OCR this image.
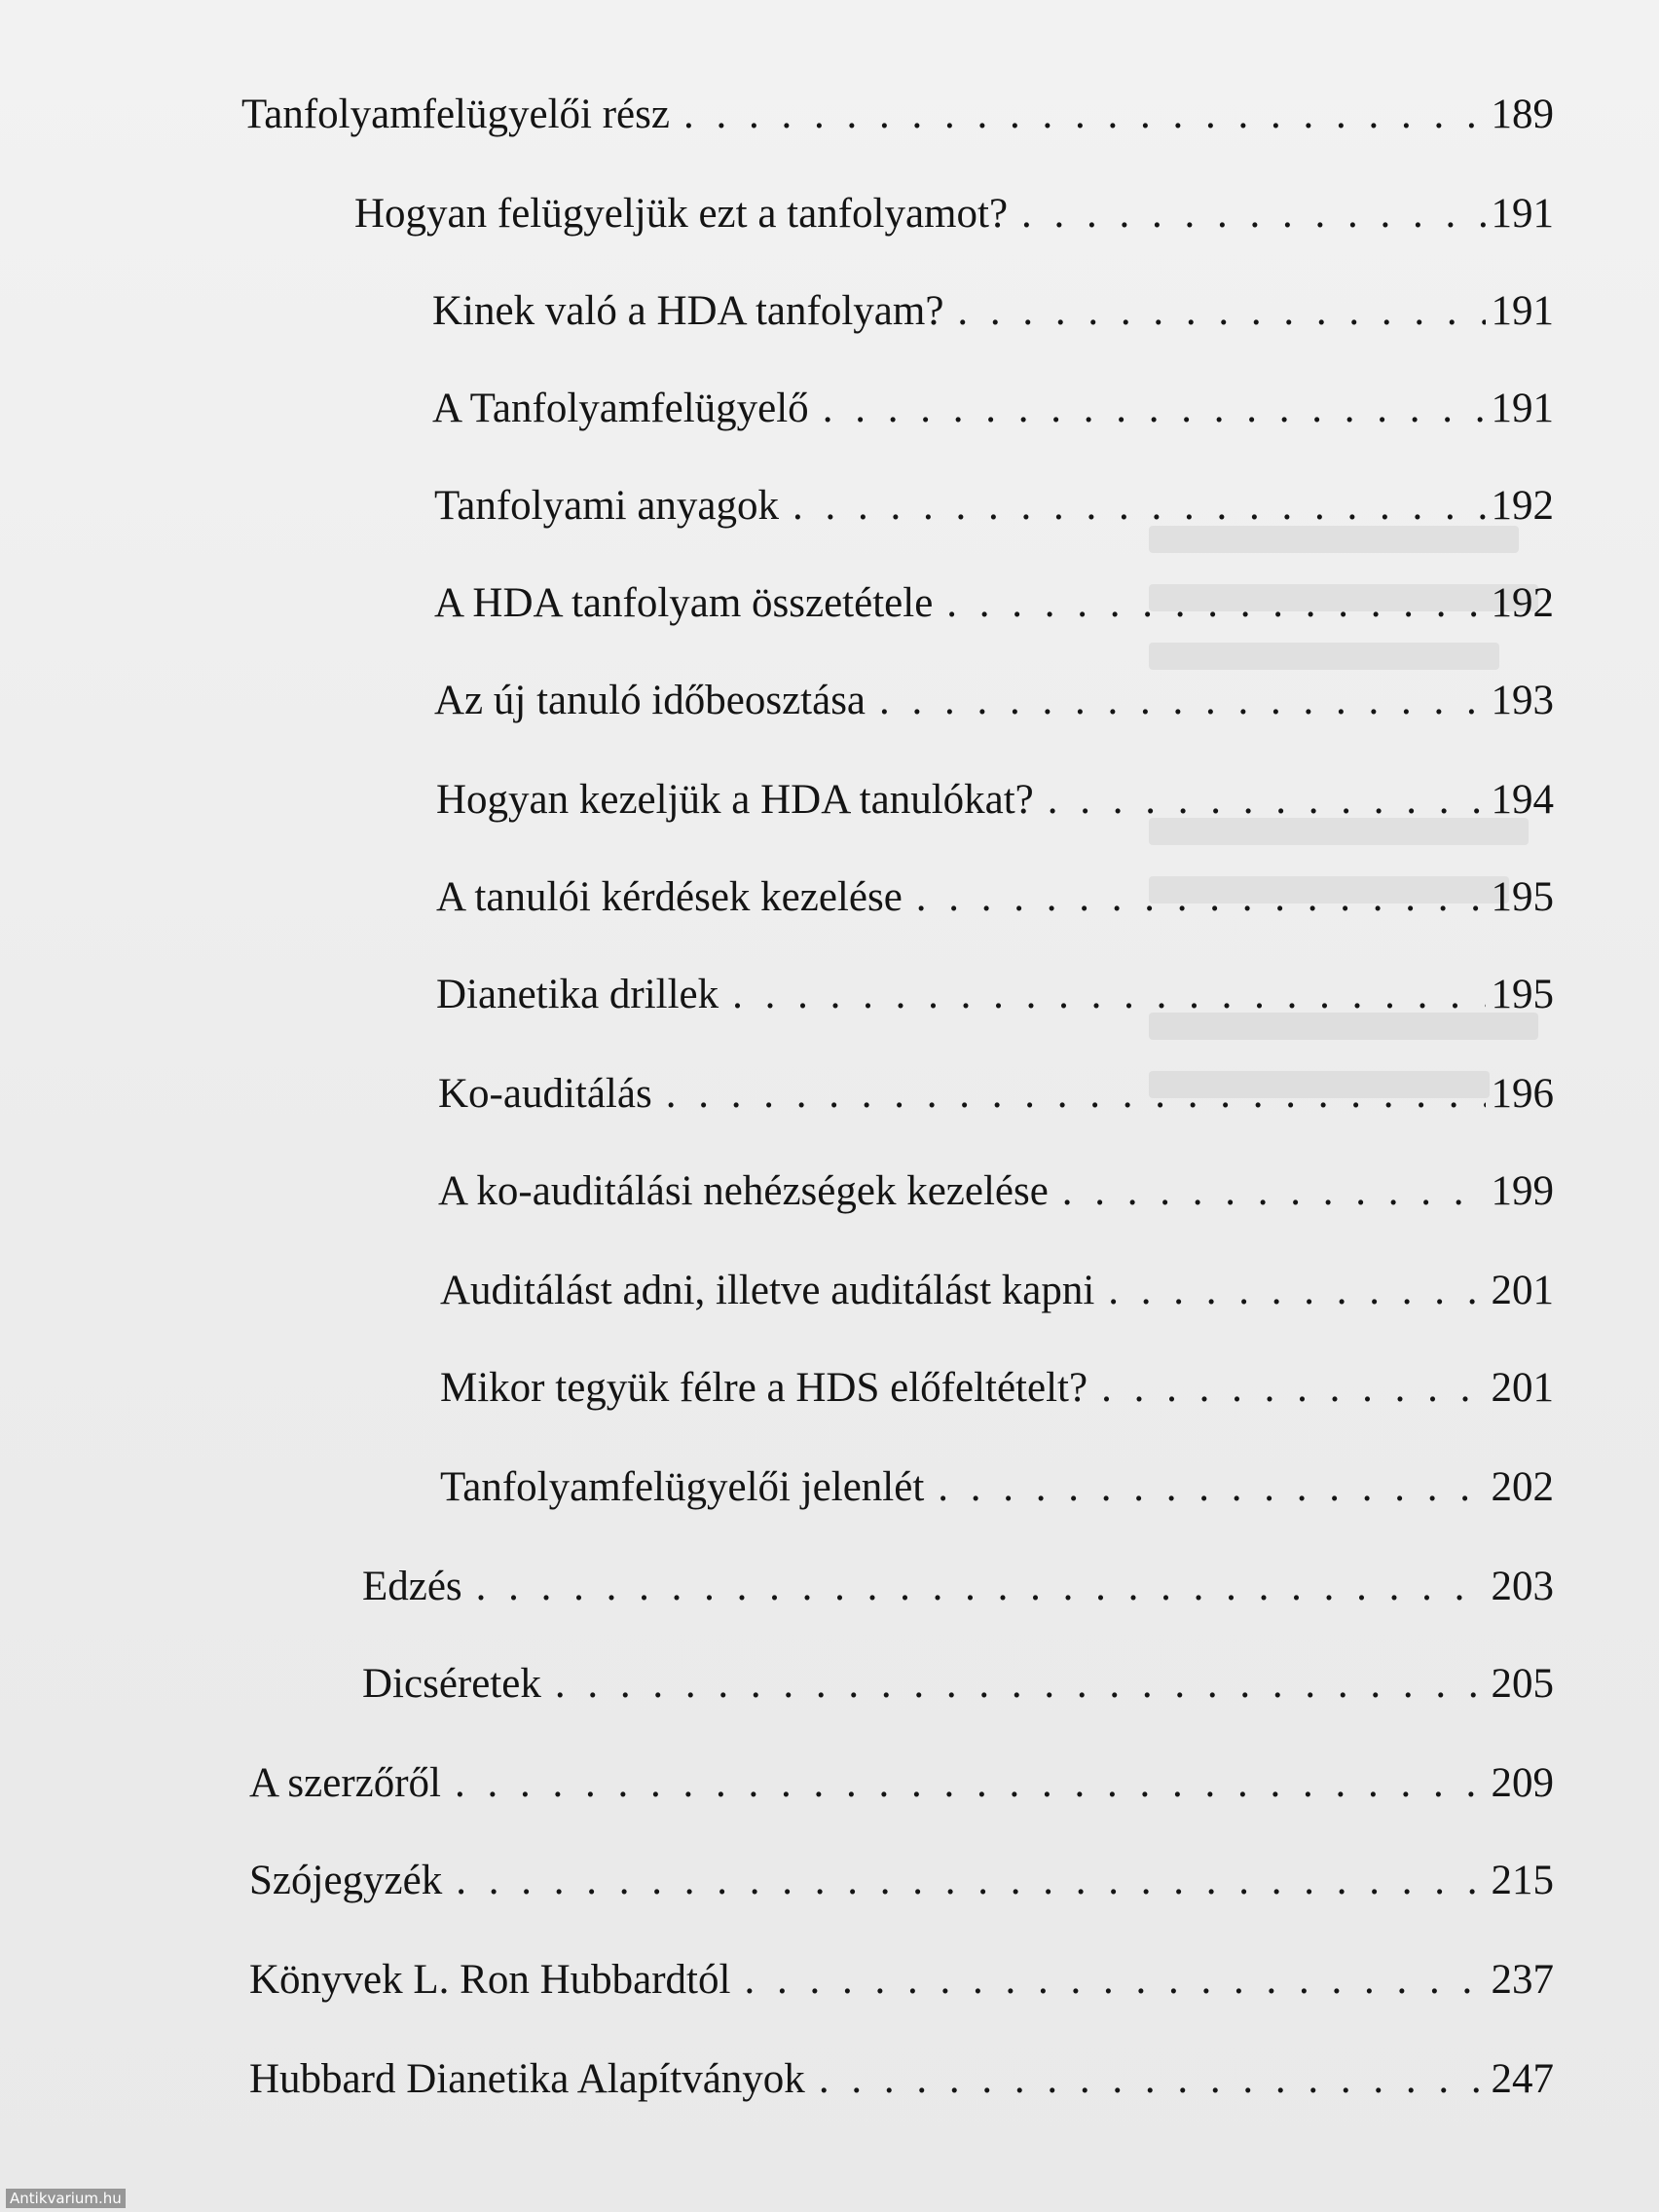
Tanfolyamfelügyelői rész . . .	189
Hogyan felügyeljük ezt a tanfolyamot? . . .	191
Kinek való a HDA tanfolyam? . . .	191
A Tanfolyamfelügyelő . . .	191
Tanfolyami anyagok . . .	192
A HDA tanfolyam összetétele . . .	192
Az új tanuló időbeosztása . . .	193
Hogyan kezeljük a HDA tanulókat? . . .	194
A tanulói kérdések kezelése . . .	195
Dianetika drillek . . .	195
Ko-auditálás . . .	196
A ko-auditálási nehézségek kezelése . . .	199
Auditálást adni, illetve auditálást kapni . . .	201
Mikor tegyük félre a HDS előfeltételt? . . .	201
Tanfolyamfelügyelői jelenlét . . .	202
Edzés . . .	203
Dicséretek . . .	205
A szerzőről . . .	209
Szójegyzék . . .	215
Könyvek L. Ron Hubbardtól . . .	237
Hubbard Dianetika Alapítványok . . .	247
Antikvarium.hu
